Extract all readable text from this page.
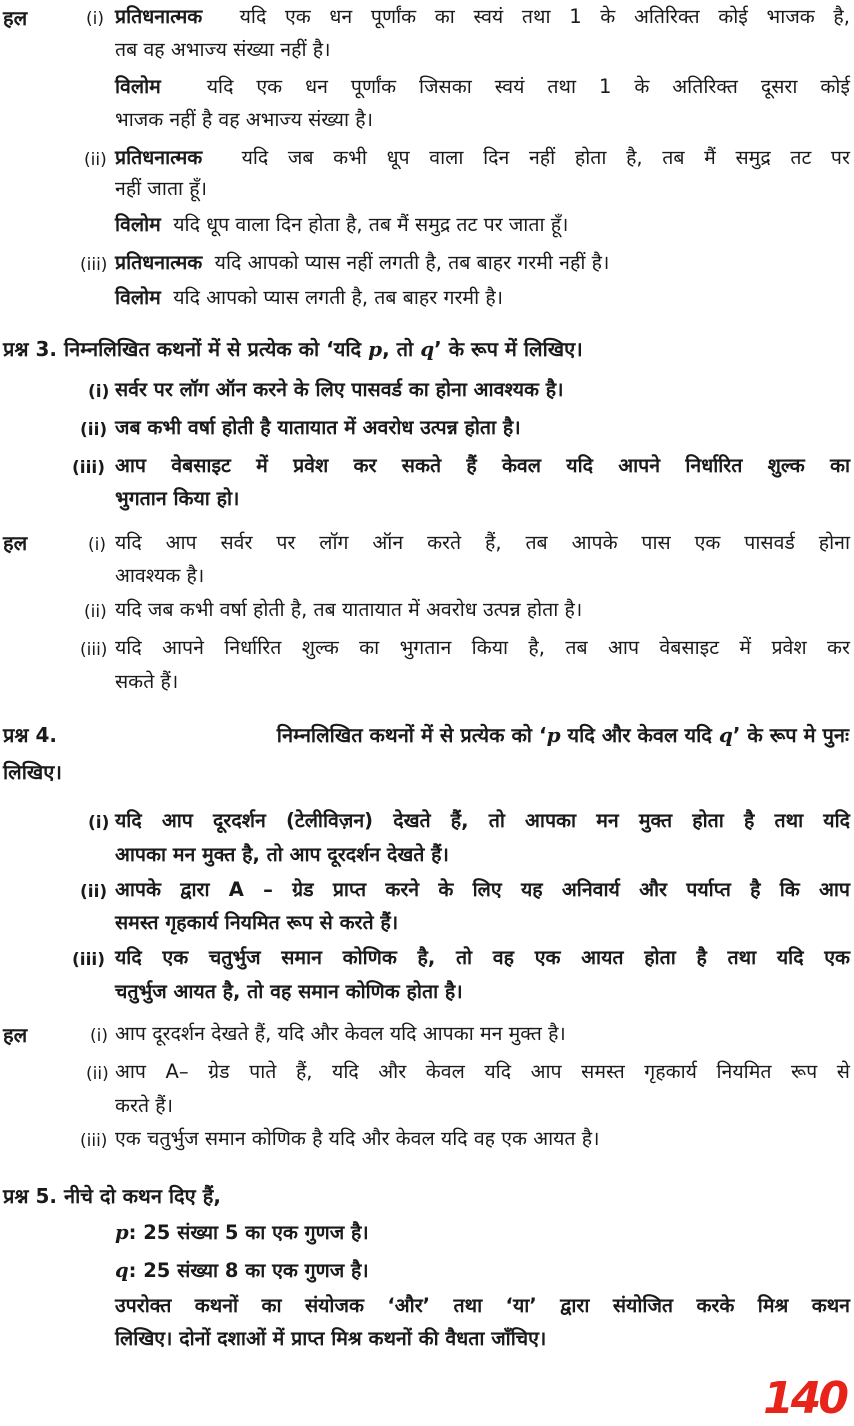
हल	(i) प्रतिधनात्मक यदि एक धन पूर्णांक का स्वयं तथा 1 के अतिरिक्त कोई भाजक है,
तब वह अभाज्य संख्या नहीं है।
विलोम यदि एक धन पूर्णांक जिसका स्वयं तथा 1 के अतिरिक्त दूसरा कोई
भाजक नहीं है वह अभाज्य संख्या है।
(ii) प्रतिधनात्मक यदि जब कभी धूप वाला दिन नहीं होता है, तब मैं समुद्र तट पर
नहीं जाता हूँ।
विलोम यदि धूप वाला दिन होता है, तब मैं समुद्र तट पर जाता हूँ।
(iii) प्रतिधनात्मक यदि आपको प्यास नहीं लगती है, तब बाहर गरमी नहीं है।
विलोम यदि आपको प्यास लगती है, तब बाहर गरमी है।
प्रश्न 3. निम्नलिखित कथनों में से प्रत्येक को ‘यदि p, तो q’ के रूप में लिखिए।
(i) सर्वर पर लॉग ऑन करने के लिए पासवर्ड का होना आवश्यक है।
(ii) जब कभी वर्षा होती है यातायात में अवरोध उत्पन्न होता है।
(iii) आप वेबसाइट में प्रवेश कर सकते हैं केवल यदि आपने निर्धारित शुल्क का
भुगतान किया हो।
हल	(i) यदि आप सर्वर पर लॉग ऑन करते हैं, तब आपके पास एक पासवर्ड होना
आवश्यक है।
(ii) यदि जब कभी वर्षा होती है, तब यातायात में अवरोध उत्पन्न होता है।
(iii) यदि आपने निर्धारित शुल्क का भुगतान किया है, तब आप वेबसाइट में प्रवेश कर
सकते हैं।
प्रश्न 4.	निम्नलिखित कथनों में से प्रत्येक को ‘p यदि और केवल यदि q’ के रूप मे पुनः
लिखिए।
(i) यदि आप दूरदर्शन (टेलीविज़न) देखते हैं, तो आपका मन मुक्त होता है तथा यदि
आपका मन मुक्त है, तो आप दूरदर्शन देखते हैं।
(ii) आपके द्वारा A – ग्रेड प्राप्त करने के लिए यह अनिवार्य और पर्याप्त है कि आप
समस्त गृहकार्य नियमित रूप से करते हैं।
(iii) यदि एक चतुर्भुज समान कोणिक है, तो वह एक आयत होता है तथा यदि एक
चतुर्भुज आयत है, तो वह समान कोणिक होता है।
हल	(i) आप दूरदर्शन देखते हैं, यदि और केवल यदि आपका मन मुक्त है।
(ii) आप A– ग्रेड पाते हैं, यदि और केवल यदि आप समस्त गृहकार्य नियमित रूप से
करते हैं।
(iii) एक चतुर्भुज समान कोणिक है यदि और केवल यदि वह एक आयत है।
प्रश्न 5. नीचे दो कथन दिए हैं,
p: 25 संख्या 5 का एक गुणज है।
q: 25 संख्या 8 का एक गुणज है।
उपरोक्त कथनों का संयोजक ‘और’ तथा ‘या’ द्वारा संयोजित करके मिश्र कथन
लिखिए। दोनों दशाओं में प्राप्त मिश्र कथनों की वैधता जाँचिए।
140
